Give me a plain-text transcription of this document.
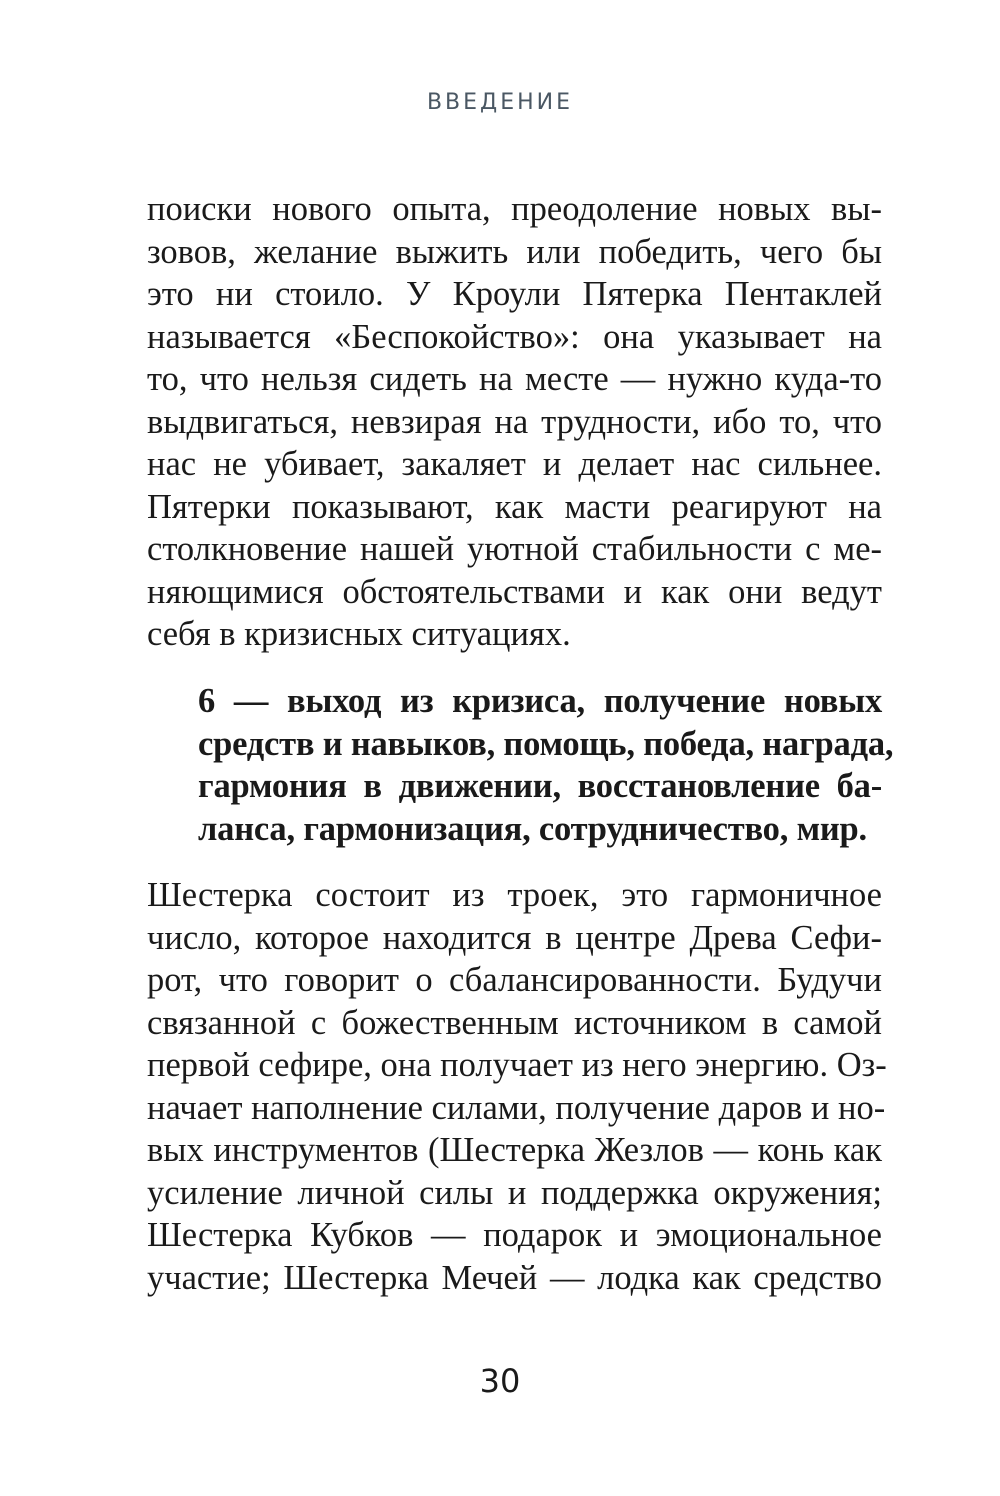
ВВЕДЕНИЕ
поиски нового опыта, преодоление новых вы-
зовов, желание выжить или победить, чего бы
это ни стоило. У Кроули Пятерка Пентаклей
называется «Беспокойство»: она указывает на
то, что нельзя сидеть на месте — нужно куда-то
выдвигаться, невзирая на трудности, ибо то, что
нас не убивает, закаляет и делает нас сильнее.
Пятерки показывают, как масти реагируют на
столкновение нашей уютной стабильности с ме-
няющимися обстоятельствами и как они ведут
себя в кризисных ситуациях.
6 — выход из кризиса, получение новых
средств и навыков, помощь, победа, награда,
гармония в движении, восстановление ба-
ланса, гармонизация, сотрудничество, мир.
Шестерка состоит из троек, это гармоничное
число, которое находится в центре Древа Сефи-
рот, что говорит о сбалансированности. Будучи
связанной с божественным источником в самой
первой сефире, она получает из него энергию. Оз-
начает наполнение силами, получение даров и но-
вых инструментов (Шестерка Жезлов — конь как
усиление личной силы и поддержка окружения;
Шестерка Кубков — подарок и эмоциональное
участие; Шестерка Мечей — лодка как средство
30
